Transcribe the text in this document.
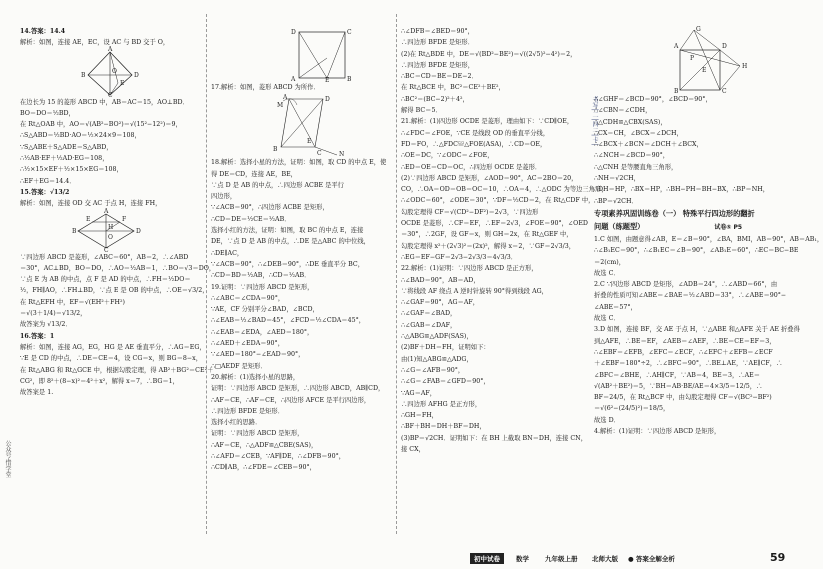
公众号·惜学堂
书写│二│四二│卡│

14.答案：14.4

解析：如图，连接 AE，EC，设 AC 与 BD 交于 O，

A
B
C
D
E
O

在边长为 15 的菱形 ABCD 中，AB＝AC＝15，AO⊥BD．

BO＝DO＝½BD，

在 Rt△OAB 中，AO＝√(AB²−BO²)＝√(15²−12²)＝9，

∴S△ABD＝½BD·AO＝½×24×9＝108，

∵S△ABE＋S△ADE＝S△ABD，

∴½AB·EF＋½AD·EG＝108，

∴½×15×EF＋½×15×EG＝108，

∴EF＋EG＝14.4．

15.答案：√13/2

解析：如图，连接 OD 交 AC 于点 H，连接 FH，

A
B
C
D
E	F
H
O

∵四边形 ABCD 是菱形，∠ABC＝60°，AB＝2，∴∠ABD

＝30°，AC⊥BD，BO＝DO，∴AO＝½AB＝1，∴BO＝√3＝DO，

∵点 E 为 AB 的中点，点 F 是 AD 的中点，∴FH＝½DO＝

½，FH∥AO，∴FH⊥BD，∵点 E 是 OB 的中点，∴OE＝√3/2，

在 Rt△EFH 中，EF＝√(EH²＋FH²)

＝√(3＋1/4)＝√13/2，

故答案为 √13/2．

16.答案：1

解析：如图，连接 AG，EG，HG 是 AE 垂直平分，∴AG＝EG，

∵E 是 CD 的中点，∴DE＝CE＝4，设 CG＝x，则 BG＝8−x，

在 Rt△ABG 和 Rt△GCE 中，根据勾股定理，得 AB²＋BG²＝CE²＋

CG²，即 8²＋(8−x)²＝4²＋x²，解得 x＝7，∴BG＝1，

故答案是 1.

D	C
A	B
E

17.解析：如图，菱形 ABCD 为所作．

A
B
C
D
M
N
E

18.解析：选择小星的方法，证明：如图，取 CD 的中点 E，使

得 DE＝CD，连接 AE，BE，

∵点 D 是 AB 的中点，∴四边形 ACBE 是平行

四边形，

∵∠ACB＝90°，∴四边形 ACBE 是矩形，

∴CD＝DE＝½CE＝½AB．

选择小红的方法，证明：如图，取 BC 的中点 E，连接

DE，∵点 D 是 AB 的中点，∴DE 是△ABC 的中位线，

∴DE∥AC，

∵∠ACB＝90°，∴∠DEB＝90°，∴DE 垂直平分 BC，

∴CD＝BD＝½AB，∴CD＝½AB．

19.证明：∵四边形 ABCD 是矩形，

∴∠ABC＝∠CDA＝90°，

∵AE，CF 分别平分∠BAD，∠BCD，

∴∠EAB＝½∠BAD＝45°，∠FCD＝½∠CDA＝45°，

∴∠EAB＝∠EDA，∠AED＝180°，

∴∠AED＋∠EDA＝90°，

∵∠AED＝180°−∠EAD＝90°，

∴□AEDF 是矩形．

20.解析：(1)选择小星的思路，

证明：∵四边形 ABCD 是矩形，∴四边形 ABCD，AB∥CD，

∴AF＝CE，∴AF＝CE，∴四边形 AFCE 是平行四边形，

∴四边形 BFDE 是矩形．

选择小红的思路．

证明：∵四边形 ABCD 是矩形，

∴AF＝CE，∴△ADF≌△CBE(SAS)，

∴∠AFD＝∠CEB，∵AF∥DE，∴∠DFB＝90°，

∴CD∥AB，∴∠FDE＝∠CEB＝90°，

∴∠DFB＝∠BED＝90°，

∴四边形 BFDE 是矩形．

(2)在 Rt△BDE 中，DE＝√(BD²−BE²)＝√((2√5)²−4²)＝2，

∴四边形 BFDE 是矩形，

∴BC＝CD＝BE＝DE−2．

在 Rt△BCE 中，BC²＝CE²＋BE²，

∴BC²＝(BC−2)²＋4²，

解得 BC＝5．

21.解析：(1)四边形 OCDE 是菱形，理由如下：∵CD∥OE，

∴∠FDC＝∠FOE，∵CE 是线段 OD 的垂直平分线，

FD＝FO，∴△FDC≌△FOE(ASA)，∴CD＝OE，

∴OE＝DC，∵∠ODC＝∠FOE，

∴ED＝OE＝CD＝OC，∴四边形 OCDE 是菱形．

(2)∵四边形 ABCD 是矩形，∠AOD＝90°，AC＝2BO＝20，

CO，∴OA＝OD＝OB＝OC＝10，∴OA＝4，∴△ODC 为等边三角形，

∴∠ODC＝60°，∠ODE＝30°，∵DF＝½CD＝2，在 Rt△CDF 中，

勾股定理得 CF＝√(CD²−DF²)＝2√3，∵四边形

OCDE 是菱形，∴CF＝EF，∴EF＝2√3，∠FOE＝90°，∠OED

＝30°，∴2GF，设 GF＝x，则 GH＝2x，在 Rt△GEF 中，

勾股定理得 x²＋(2√3)²＝(2x)²，解得 x＝2，∵GF＝2√3/3，

∴EG＝EF−GF＝2√3−2√3/3＝4√3/3．

22.解析：(1)证明：∵四边形 ABCD 是正方形，

∴∠BAD＝90°，AB＝AD，

∵将线段 AF 绕点 A 逆时针旋转 90°得到线段 AG，

∴∠GAF＝90°，AG＝AF，

∴∠GAF＝∠BAD，

∴∠GAB＝∠DAF，

∴△ABG≌△ADF(SAS)，

(2)BF＋DH＝FH，证明如下：

由(1)知△ABG≌△ADG，

∴∠G＝∠AFB＝90°，

∴∠G＝∠FAB＝∠GFD＝90°，

∵AG＝AF，

∴四边形 AFHG 是正方形，

∴GH＝FH，

∴BF＋BH＝DH＋BF＝DH，

(3)BP＝√2CH．证明如下：在 BH 上截取 BN＝DH，连接 CN，

接 CX，

A
B	C
D
G
H
E
P

∴∠GHF＝∠BCD＝90°，∠BCD＝90°，

∴∠CBN＝∠CDH，

∴△CDH≌△CBX(SAS)，

∴CX＝CH，∠BCX＝∠DCH，

∴∠BCX＋∠BCN＝∠DCH＋∠BCX，

∴∠NCH＝∠BCD＝90°，

∴△CNH 是等腰直角三角形，

∴NH＝√2CH，

∴DH＝HP，∴BX＝HP，∴BH−PH＝BH−BX，∴BP＝NH，

∴BP＝√2CH．

专项素养巩固训练卷（一） 特殊平行四边形的翻折

问题（练题型）	试卷⑤ P5

1.C 如图，由题意得∠AB，E＝∠B＝90°，∠BA，BMI，AB＝90°，AB＝AB₁，

∴∠B₁EC＝90°，∴∠B₁EC＝∠B＝90°，∠AB₁E＝60°，∴EC＝BC−BE

＝2(cm)，

故选 C．

2.C ∵四边形 ABCD 是矩形，∠ADB＝24°，∴∠ABD＝66°，由

折叠的性质可知∠ABE＝∠BAE＝½∠ABD＝33°，∴∠ABE＝90°−

∠ABE＝57°，

故选 C．

3.D 如图，连接 BF，交 AE 于点 H，∵△ABE 和△AFE 关于 AE 折叠得

到△AFE，∴BE＝EF，∠AEB＝∠AEF，∴BE＝CE＝EF＝3，

∴∠EBF＝∠EFB，∠EFC＝∠ECF，∴∠EFC＋∠EFB＝∠ECF

＋∠EBF＝180°÷2，∴∠BFC＝90°，∴BE⊥AE，∵AE∥CF，∴

∠BFC＝∠BHE，∴AH∥CF，∵AB＝4，BE＝3，∴AE＝

√(AB²＋BE²)＝5，∵BH＝AB·BE/AE＝4×3/5＝12/5，∴

BF＝24/5，在 Rt△BCF 中，由勾股定理得 CF＝√(BC²−BF²)

＝√(6²−(24/5)²)＝18/5，

故选 D．

4.解析：(1)证明：∵四边形 ABCD 是矩形，

初中试卷	数学 九年级上册 北师大版 ● 答案全解全析	59
